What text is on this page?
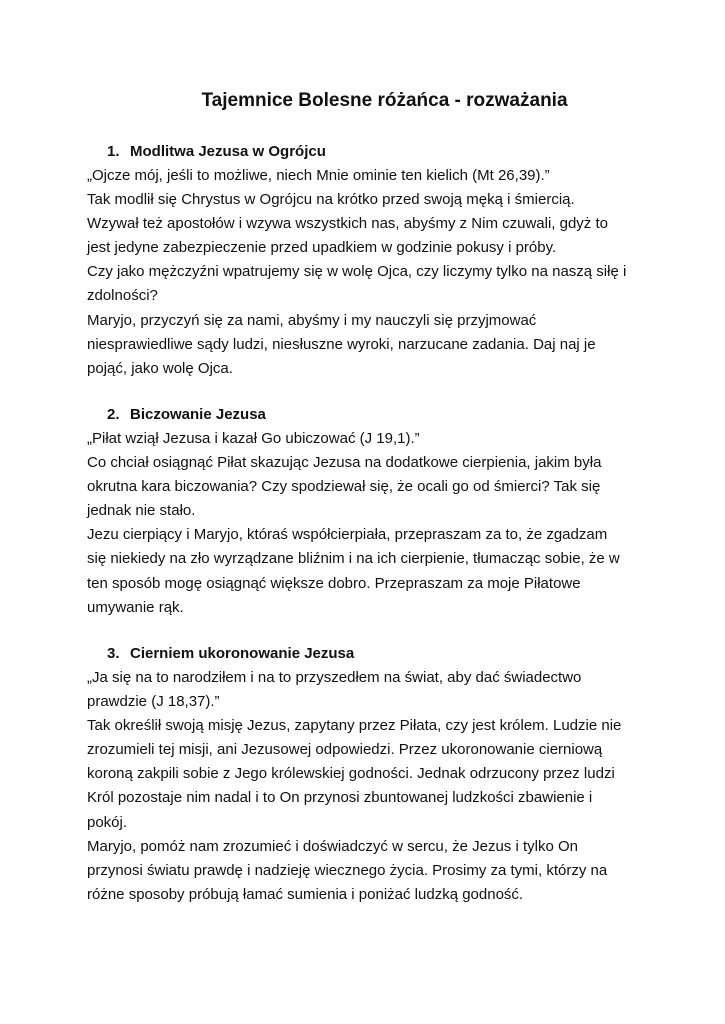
Tajemnice Bolesne różańca - rozważania
1. Modlitwa Jezusa w Ogrójcu

„Ojcze mój, jeśli to możliwe, niech Mnie ominie ten kielich (Mt 26,39).”

Tak modlił się Chrystus w Ogrójcu na krótko przed swoją męką i śmiercią.

Wzywał też apostołów i wzywa wszystkich nas, abyśmy z Nim czuwali, gdyż to

jest jedyne zabezpieczenie przed upadkiem w godzinie pokusy i próby.

Czy jako mężczyźni wpatrujemy się w wolę Ojca, czy liczymy tylko na naszą siłę i

zdolności?

Maryjo, przyczyń się za nami, abyśmy i my nauczyli się przyjmować

niesprawiedliwe sądy ludzi, niesłuszne wyroki, narzucane zadania. Daj naj je

pojąć, jako wolę Ojca.

2. Biczowanie Jezusa

„Piłat wziął Jezusa i kazał Go ubiczować (J 19,1).”

Co chciał osiągnąć Piłat skazując Jezusa na dodatkowe cierpienia, jakim była

okrutna kara biczowania? Czy spodziewał się, że ocali go od śmierci? Tak się

jednak nie stało.

Jezu cierpiący i Maryjo, któraś współcierpiała, przepraszam za to, że zgadzam

się niekiedy na zło wyrządzane bliźnim i na ich cierpienie, tłumacząc sobie, że w

ten sposób mogę osiągnąć większe dobro. Przepraszam za moje Piłatowe

umywanie rąk.

3. Cierniem ukoronowanie Jezusa

„Ja się na to narodziłem i na to przyszedłem na świat, aby dać świadectwo

prawdzie (J 18,37).”

Tak określił swoją misję Jezus, zapytany przez Piłata, czy jest królem. Ludzie nie

zrozumieli tej misji, ani Jezusowej odpowiedzi. Przez ukoronowanie cierniową

koroną zakpili sobie z Jego królewskiej godności. Jednak odrzucony przez ludzi

Król pozostaje nim nadal i to On przynosi zbuntowanej ludzkości zbawienie i

pokój.

Maryjo, pomóż nam zrozumieć i doświadczyć w sercu, że Jezus i tylko On

przynosi światu prawdę i nadzieję wiecznego życia. Prosimy za tymi, którzy na

różne sposoby próbują łamać sumienia i poniżać ludzką godność.
